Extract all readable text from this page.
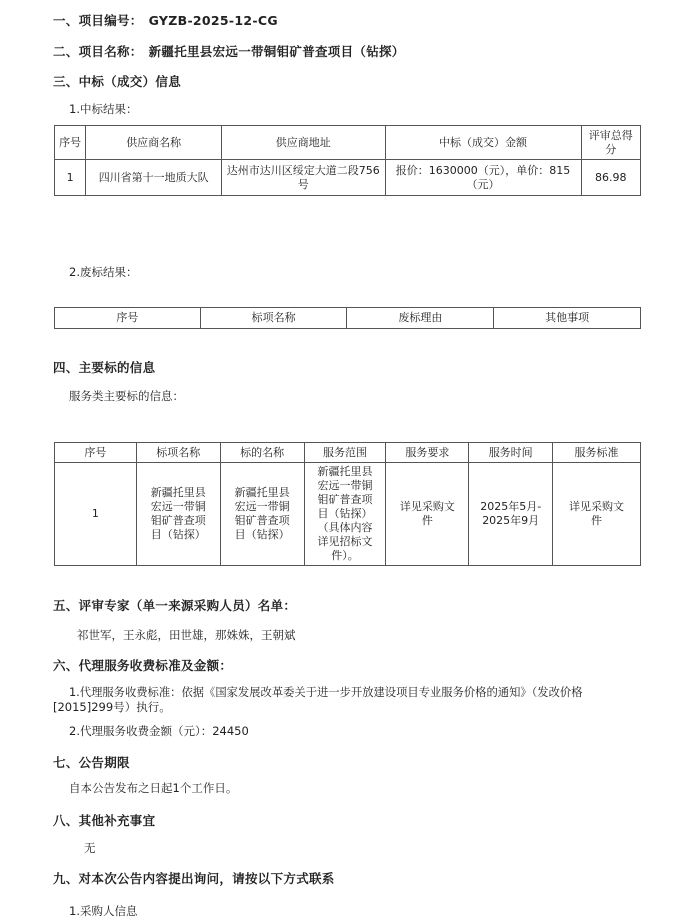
一、项目编号： GYZB-2025-12-CG
二、项目名称： 新疆托里县宏远一带铜钼矿普查项目（钻探）
三、中标（成交）信息
1.中标结果：
序号	供应商名称	供应商地址	中标（成交）金额	评审总得分
1	四川省第十一地质大队	达州市达川区绥定大道二段756号	报价：1630000（元），单价：815（元）	86.98
2.废标结果：
序号	标项名称	废标理由	其他事项
四、主要标的信息
服务类主要标的信息：
序号	标项名称	标的名称	服务范围	服务要求	服务时间	服务标准
1	新疆托里县宏远一带铜钼矿普查项目（钻探）	新疆托里县宏远一带铜钼矿普查项目（钻探）	新疆托里县宏远一带铜钼矿普查项目（钻探）（具体内容详见招标文件）。	详见采购文件	2025年5月-2025年9月	详见采购文件
五、评审专家（单一来源采购人员）名单：
祁世军，王永彪，田世雄，那姝姝，王朝斌
六、代理服务收费标准及金额：
1.代理服务收费标准：依据《国家发展改革委关于进一步开放建设项目专业服务价格的通知》（发改价格
[2015]299号）执行。
2.代理服务收费金额（元）：24450
七、公告期限
自本公告发布之日起1个工作日。
八、其他补充事宜
无
九、对本次公告内容提出询问，请按以下方式联系
1.采购人信息
